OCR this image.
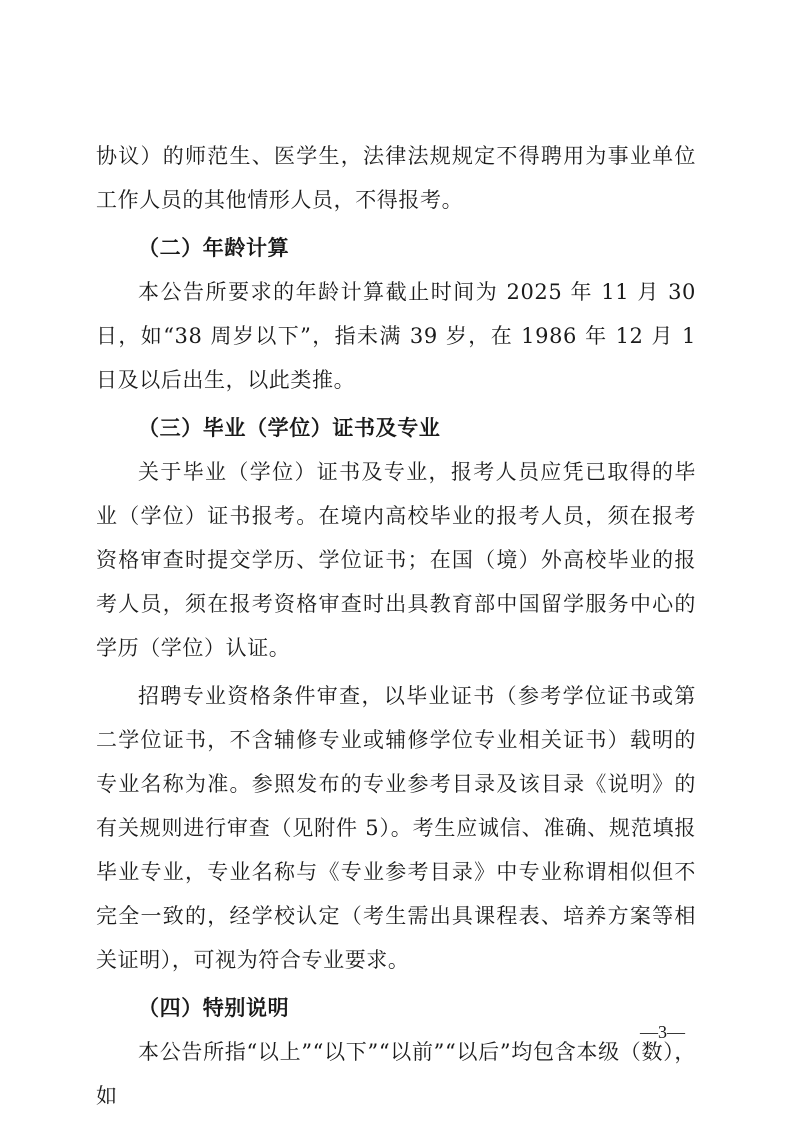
协议）的师范生、医学生，法律法规规定不得聘用为事业单位工作人员的其他情形人员，不得报考。

（二）年龄计算

本公告所要求的年龄计算截止时间为 2025 年 11 月 30 日，如“38 周岁以下”，指未满 39 岁，在 1986 年 12 月 1 日及以后出生，以此类推。

（三）毕业（学位）证书及专业

关于毕业（学位）证书及专业，报考人员应凭已取得的毕业（学位）证书报考。在境内高校毕业的报考人员，须在报考资格审查时提交学历、学位证书；在国（境）外高校毕业的报考人员，须在报考资格审查时出具教育部中国留学服务中心的学历（学位）认证。

招聘专业资格条件审查，以毕业证书（参考学位证书或第二学位证书，不含辅修专业或辅修学位专业相关证书）载明的专业名称为准。参照发布的专业参考目录及该目录《说明》的有关规则进行审查（见附件 5）。考生应诚信、准确、规范填报毕业专业，专业名称与《专业参考目录》中专业称谓相似但不完全一致的，经学校认定（考生需出具课程表、培养方案等相关证明），可视为符合专业要求。

（四）特别说明

本公告所指“以上”“以下”“以前”“以后”均包含本级（数），如

—3—
